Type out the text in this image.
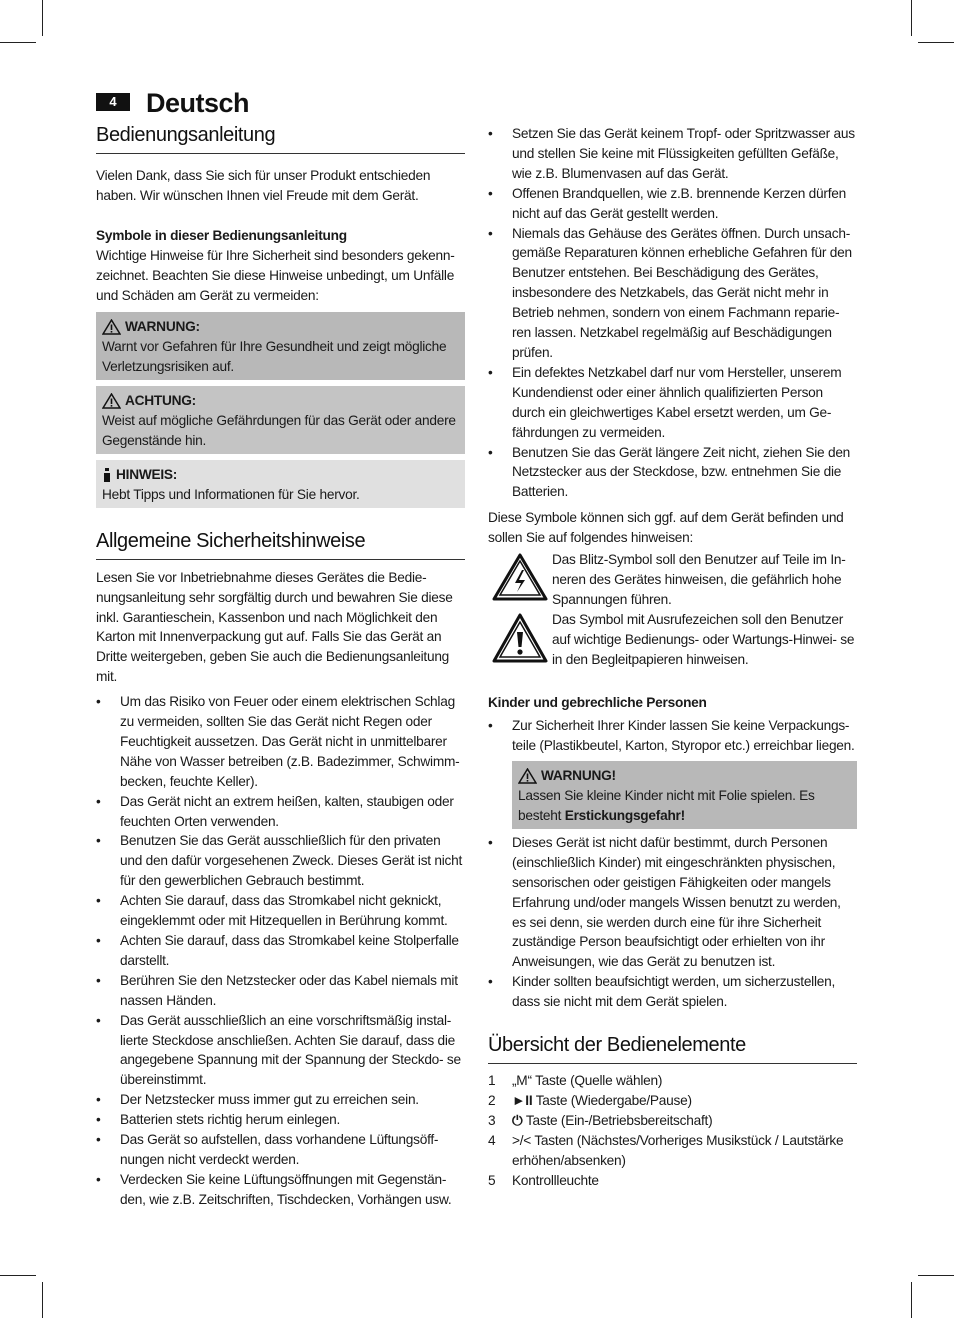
4	Deutsch
Bedienungsanleitung

Vielen Dank, dass Sie sich für unser Produkt entschieden haben. Wir wünschen Ihnen viel Freude mit dem Gerät.

Symbole in dieser Bedienungsanleitung

Wichtige Hinweise für Ihre Sicherheit sind besonders gekenn- zeichnet. Beachten Sie diese Hinweise unbedingt, um Unfälle und Schäden am Gerät zu vermeiden:

WARNUNG:

Warnt vor Gefahren für Ihre Gesundheit und zeigt mögliche Verletzungsrisiken auf.

ACHTUNG:

Weist auf mögliche Gefährdungen für das Gerät oder andere Gegenstände hin.

HINWEIS:

Hebt Tipps und Informationen für Sie hervor.

Allgemeine Sicherheitshinweise

Lesen Sie vor Inbetriebnahme dieses Gerätes die Bedie- nungsanleitung sehr sorgfältig durch und bewahren Sie diese inkl. Garantieschein, Kassenbon und nach Möglichkeit den Karton mit Innenverpackung gut auf. Falls Sie das Gerät an Dritte weitergeben, geben Sie auch die Bedienungsanleitung mit.

• Um das Risiko von Feuer oder einem elektrischen Schlag zu vermeiden, sollten Sie das Gerät nicht Regen oder Feuchtigkeit aussetzen. Das Gerät nicht in unmittelbarer Nähe von Wasser betreiben (z.B. Badezimmer, Schwimm- becken, feuchte Keller).
• Das Gerät nicht an extrem heißen, kalten, staubigen oder feuchten Orten verwenden.
• Benutzen Sie das Gerät ausschließlich für den privaten und den dafür vorgesehenen Zweck. Dieses Gerät ist nicht für den gewerblichen Gebrauch bestimmt.
• Achten Sie darauf, dass das Stromkabel nicht geknickt, eingeklemmt oder mit Hitzequellen in Berührung kommt.
• Achten Sie darauf, dass das Stromkabel keine Stolperfalle darstellt.
• Berühren Sie den Netzstecker oder das Kabel niemals mit nassen Händen.
• Das Gerät ausschließlich an eine vorschriftsmäßig instal- lierte Steckdose anschließen. Achten Sie darauf, dass die angegebene Spannung mit der Spannung der Steckdo- se übereinstimmt.
• Der Netzstecker muss immer gut zu erreichen sein.
• Batterien stets richtig herum einlegen.
• Das Gerät so aufstellen, dass vorhandene Lüftungsöff- nungen nicht verdeckt werden.
• Verdecken Sie keine Lüftungsöffnungen mit Gegenstän- den, wie z.B. Zeitschriften, Tischdecken, Vorhängen usw.
• Setzen Sie das Gerät keinem Tropf- oder Spritzwasser aus und stellen Sie keine mit Flüssigkeiten gefüllten Gefäße, wie z.B. Blumenvasen auf das Gerät.
• Offenen Brandquellen, wie z.B. brennende Kerzen dürfen nicht auf das Gerät gestellt werden.
• Niemals das Gehäuse des Gerätes öffnen. Durch unsach- gemäße Reparaturen können erhebliche Gefahren für den Benutzer entstehen. Bei Beschädigung des Gerätes, insbesondere des Netzkabels, das Gerät nicht mehr in Betrieb nehmen, sondern von einem Fachmann reparie- ren lassen. Netzkabel regelmäßig auf Beschädigungen prüfen.
• Ein defektes Netzkabel darf nur vom Hersteller, unserem Kundendienst oder einer ähnlich qualifizierten Person durch ein gleichwertiges Kabel ersetzt werden, um Ge- fährdungen zu vermeiden.
• Benutzen Sie das Gerät längere Zeit nicht, ziehen Sie den Netzstecker aus der Steckdose, bzw. entnehmen Sie die Batterien.

Diese Symbole können sich ggf. auf dem Gerät befinden und sollen Sie auf folgendes hinweisen:

Das Blitz-Symbol soll den Benutzer auf Teile im In- neren des Gerätes hinweisen, die gefährlich hohe Spannungen führen.

Das Symbol mit Ausrufezeichen soll den Benutzer auf wichtige Bedienungs- oder Wartungs-Hinwei- se in den Begleitpapieren hinweisen.

Kinder und gebrechliche Personen
• Zur Sicherheit Ihrer Kinder lassen Sie keine Verpackungs- teile (Plastikbeutel, Karton, Styropor etc.) erreichbar liegen.
WARNUNG!

Lassen Sie kleine Kinder nicht mit Folie spielen. Es besteht Erstickungsgefahr!

• Dieses Gerät ist nicht dafür bestimmt, durch Personen (einschließlich Kinder) mit eingeschränkten physischen, sensorischen oder geistigen Fähigkeiten oder mangels Erfahrung und/oder mangels Wissen benutzt zu werden, es sei denn, sie werden durch eine für ihre Sicherheit zuständige Person beaufsichtigt oder erhielten von ihr Anweisungen, wie das Gerät zu benutzen ist.
• Kinder sollten beaufsichtigt werden, um sicherzustellen, dass sie nicht mit dem Gerät spielen.
Übersicht der Bedienelemente
1	„M“ Taste (Quelle wählen)
2	►II Taste (Wiedergabe/Pause)
3	⏻ Taste (Ein-/Betriebsbereitschaft)
4	>/< Tasten (Nächstes/Vorheriges Musikstück / Lautstärke erhöhen/absenken)
5	Kontrollleuchte
